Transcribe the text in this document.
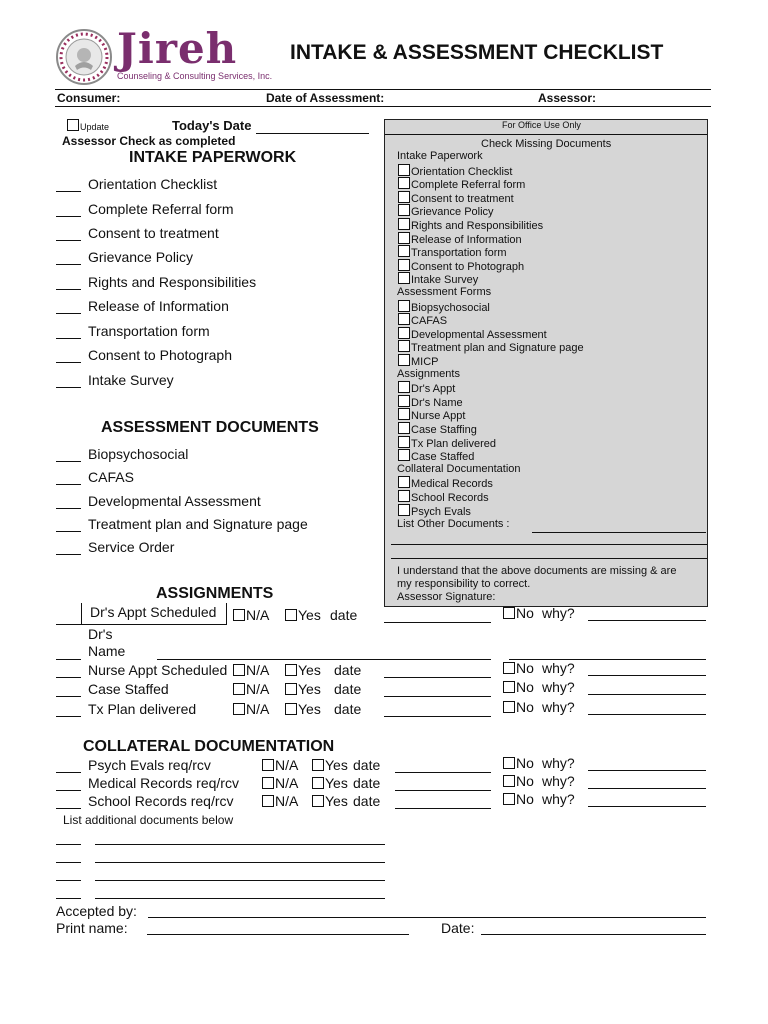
Jireh
Counseling & Consulting Services, Inc.
INTAKE & ASSESSMENT CHECKLIST
Consumer:	Date of Assessment:	Assessor:
Update	Today's Date
Assessor Check as completed
INTAKE PAPERWORK
Orientation Checklist
Complete Referral form
Consent to treatment
Grievance Policy
Rights and Responsibilities
Release of Information
Transportation form
Consent to Photograph
Intake Survey
ASSESSMENT DOCUMENTS
Biopsychosocial
CAFAS
Developmental Assessment
Treatment plan and Signature page
Service Order
For Office Use Only
Check Missing Documents
Intake Paperwork
Orientation Checklist
Complete Referral form
Consent to treatment
Grievance Policy
Rights and Responsibilities
Release of Information
Transportation form
Consent to Photograph
Intake Survey
Assessment Forms
Biopsychosocial
CAFAS
Developmental Assessment
Treatment plan and Signature page
MICP
Assignments
Dr's Appt
Dr's Name
Nurse Appt
Case Staffing
Tx Plan delivered
Case Staffed
Collateral Documentation
Medical Records
School Records
Psych Evals
List Other Documents :
I understand that the above documents are missing & are
my responsibility to correct.
Assessor Signature:
ASSIGNMENTS
Dr's Appt Scheduled	N/A	Yes date	No why?
Dr's
Name
Nurse Appt Scheduled	N/A	Yes date	No why?
Case Staffed	N/A	Yes date	No why?
Tx Plan delivered	N/A	Yes date	No why?
COLLATERAL DOCUMENTATION
Psych Evals req/rcv	N/A	Yes date	No why?
Medical Records req/rcv	N/A	Yes date	No why?
School Records req/rcv	N/A	Yes date	No why?
List additional documents below
Accepted by:
Print name:	Date:
